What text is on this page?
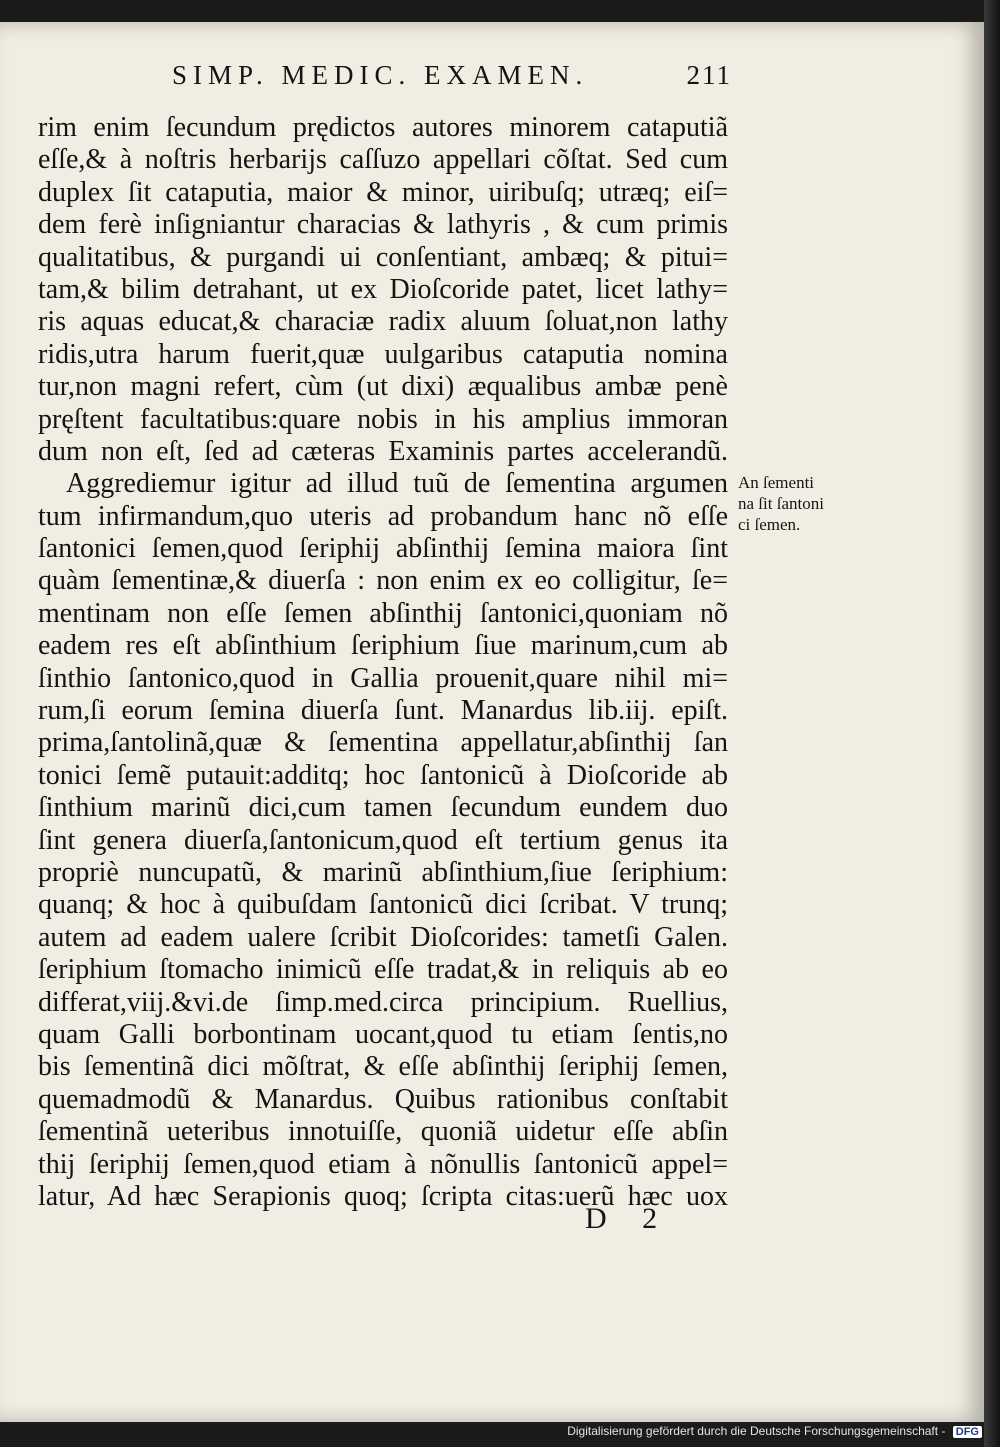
SIMP. MEDIC. EXAMEN.	211
rim enim ſecundum prędictos autores minorem cataputiã
eſſe,& à noſtris herbarijs caſſuzo appellari cõſtat. Sed cum
duplex ſit cataputia, maior & minor, uiribuſq; utræq; eiſ=
dem ferè inſigniantur characias & lathyris , & cum primis
qualitatibus, & purgandi ui conſentiant, ambæq; & pitui=
tam,& bilim detrahant, ut ex Dioſcoride patet, licet lathy=
ris aquas educat,& characiæ radix aluum ſoluat,non lathy
ridis,utra harum fuerit,quæ uulgaribus cataputia nomina
tur,non magni refert, cùm (ut dixi) æqualibus ambæ penè
pręſtent facultatibus:quare nobis in his amplius immoran
dum non eſt, ſed ad cæteras Examinis partes accelerandũ.
Aggrediemur igitur ad illud tuũ de ſementina argumen
tum infirmandum,quo uteris ad probandum hanc nõ eſſe
ſantonici ſemen,quod ſeriphij abſinthij ſemina maiora ſint
quàm ſementinæ,& diuerſa : non enim ex eo colligitur, ſe=
mentinam non eſſe ſemen abſinthij ſantonici,quoniam nõ
eadem res eſt abſinthium ſeriphium ſiue marinum,cum ab
ſinthio ſantonico,quod in Gallia prouenit,quare nihil mi=
rum,ſi eorum ſemina diuerſa ſunt. Manardus lib.iij. epiſt.
prima,ſantolinã,quæ & ſementina appellatur,abſinthij ſan
tonici ſemẽ putauit:additq; hoc ſantonicũ à Dioſcoride ab
ſinthium marinũ dici,cum tamen ſecundum eundem duo
ſint genera diuerſa,ſantonicum,quod eſt tertium genus ita
propriè nuncupatũ, & marinũ abſinthium,ſiue ſeriphium:
quanq; & hoc à quibuſdam ſantonicũ dici ſcribat. V trunq;
autem ad eadem ualere ſcribit Dioſcorides: tametſi Galen.
ſeriphium ſtomacho inimicũ eſſe tradat,& in reliquis ab eo
differat,viij.&vi.de ſimp.med.circa principium. Ruellius,
quam Galli borbontinam uocant,quod tu etiam ſentis,no
bis ſementinã dici mõſtrat, & eſſe abſinthij ſeriphij ſemen,
quemadmodũ & Manardus. Quibus rationibus conſtabit
ſementinã ueteribus innotuiſſe, quoniã uidetur eſſe abſin
thij ſeriphij ſemen,quod etiam à nõnullis ſantonicũ appel=
latur, Ad hæc Serapionis quoq; ſcripta citas:uerũ hæc uox
D 2
An ſementi
na ſit ſantoni
ci ſemen.
Digitalisierung gefördert durch die Deutsche Forschungsgemeinschaft - DFG
